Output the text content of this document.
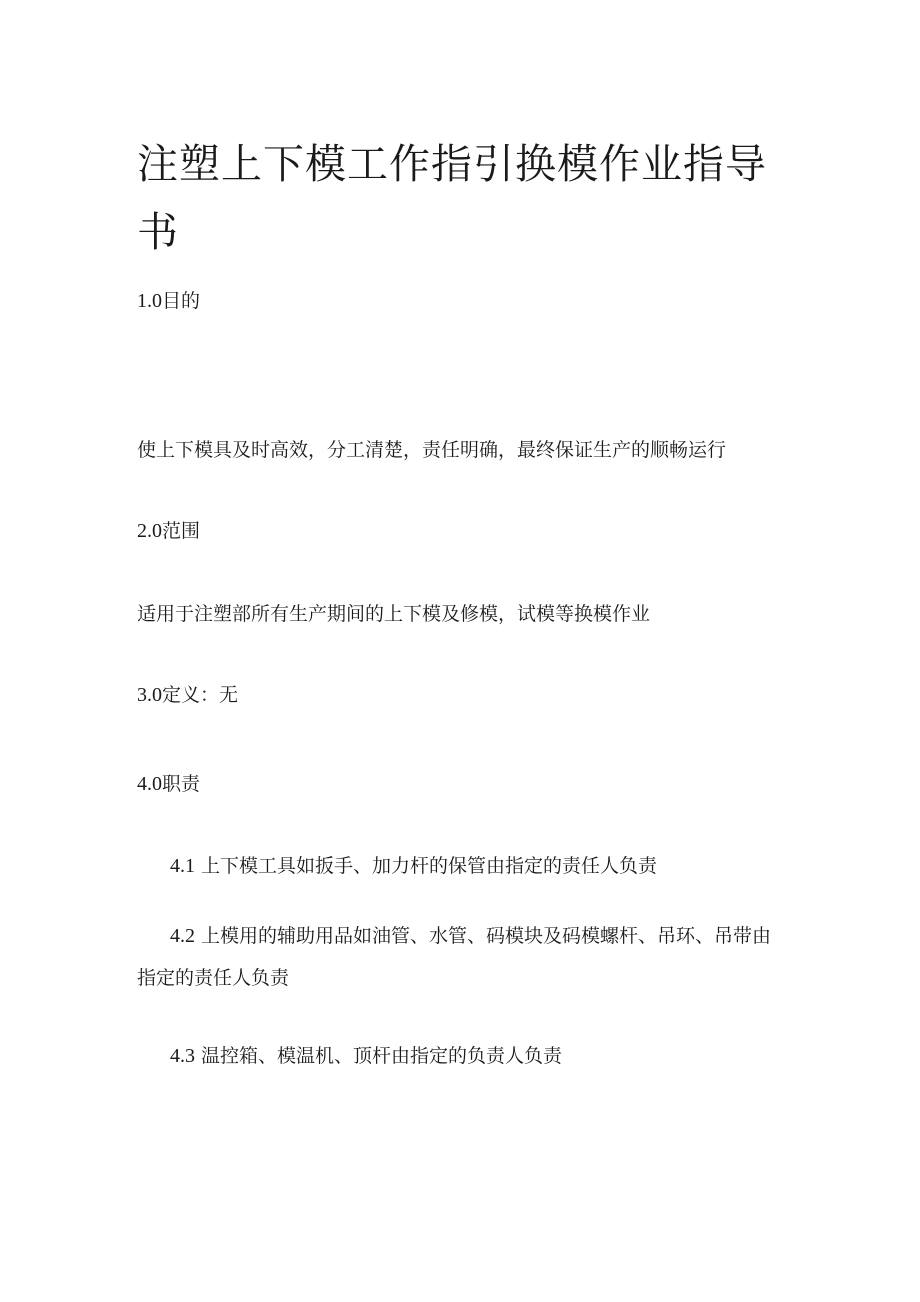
注塑上下模工作指引换模作业指导书

1.0目的

使上下模具及时高效，分工清楚，责任明确，最终保证生产的顺畅运行

2.0范围

适用于注塑部所有生产期间的上下模及修模，试模等换模作业

3.0定义：无

4.0职责

4.1 上下模工具如扳手、加力杆的保管由指定的责任人负责

4.2 上模用的辅助用品如油管、水管、码模块及码模螺杆、吊环、吊带由指定的责任人负责

4.3 温控箱、模温机、顶杆由指定的负责人负责
